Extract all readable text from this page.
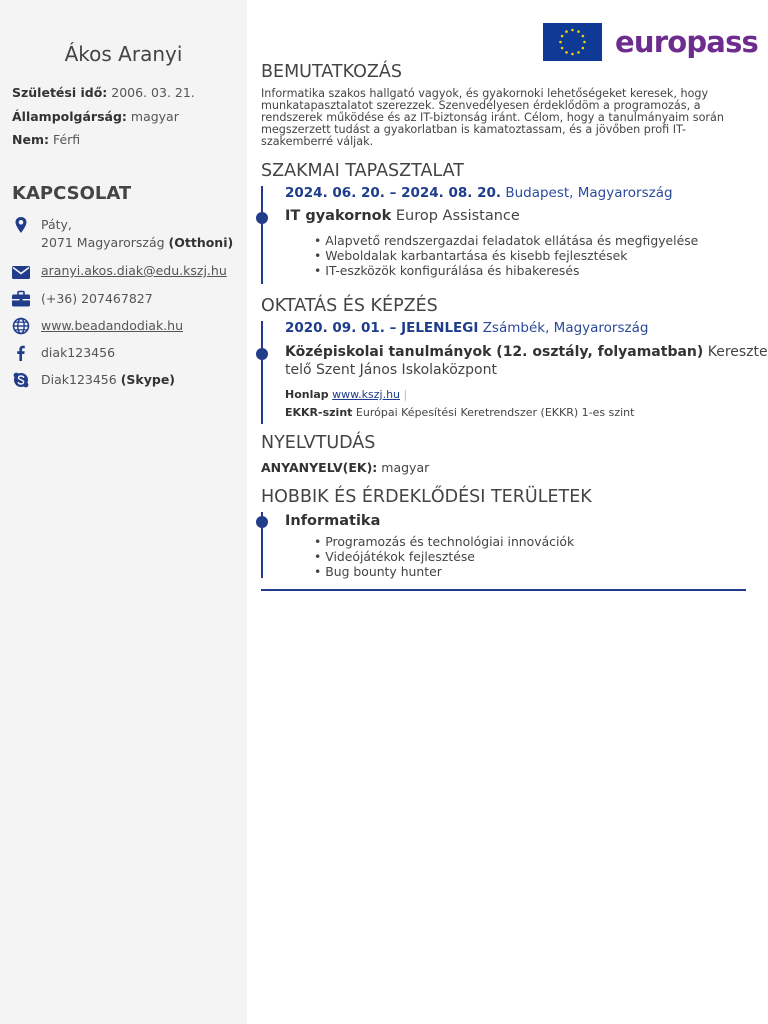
Ákos Aranyi
Születési idő: 2006. 03. 21.
Állampolgárság: magyar
Nem: Férfi
KAPCSOLAT
Páty,
2071 Magyarország (Otthoni)
aranyi.akos.diak@edu.kszj.hu
(+36) 207467827
www.beadandodiak.hu
diak123456
Diak123456 (Skype)
europass
BEMUTATKOZÁS
Informatika szakos hallgató vagyok, és gyakornoki lehetőségeket keresek, hogy munkatapasztalatot szerezzek. Szenvedélyesen érdeklődöm a programozás, a rendszerek működése és az IT-biztonság iránt. Célom, hogy a tanulmányaim során megszerzett tudást a gyakorlatban is kamatoztassam, és a jövőben profi IT-szakemberré váljak.
SZAKMAI TAPASZTALAT
2024. 06. 20. – 2024. 08. 20. Budapest, Magyarország
IT gyakornok Europ Assistance
• Alapvető rendszergazdai feladatok ellátása és megfigyelése
• Weboldalak karbantartása és kisebb fejlesztések
• IT-eszközök konfigurálása és hibakeresés
OKTATÁS ÉS KÉPZÉS
2020. 09. 01. – JELENLEGI Zsámbék, Magyarország
Középiskolai tanulmányok (12. osztály, folyamatban) Kereszte
telő Szent János Iskolaközpont
Honlap www.kszj.hu |
EKKR-szint Európai Képesítési Keretrendszer (EKKR) 1-es szint
NYELVTUDÁS
ANYANYELV(EK): magyar
HOBBIK ÉS ÉRDEKLŐDÉSI TERÜLETEK
Informatika
• Programozás és technológiai innovációk
• Videójátékok fejlesztése
• Bug bounty hunter
